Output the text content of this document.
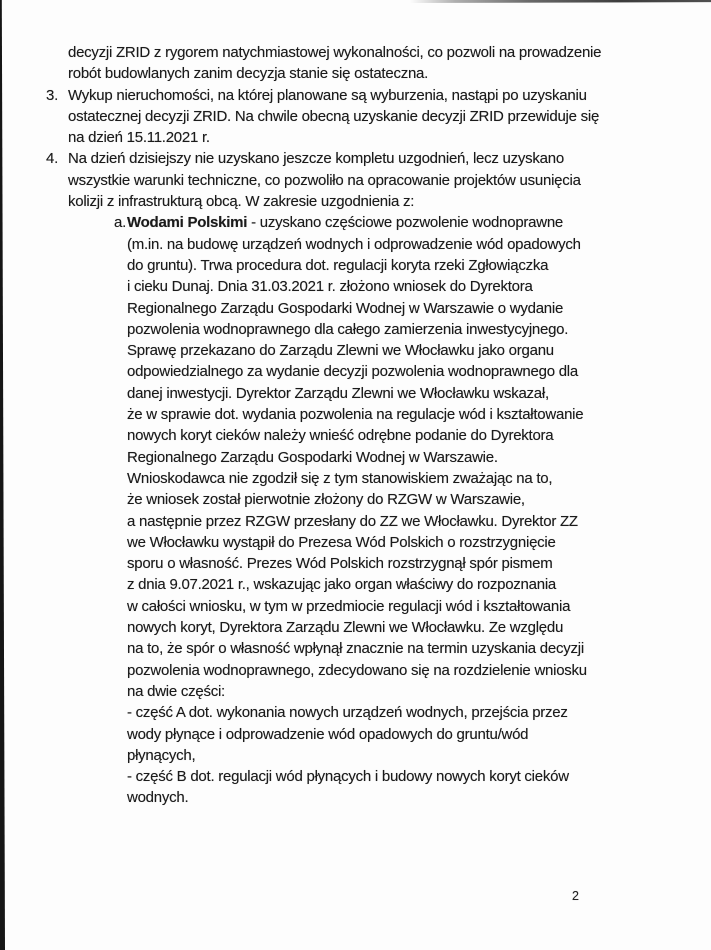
decyzji ZRID z rygorem natychmiastowej wykonalności, co pozwoli na prowadzenie
robót budowlanych zanim decyzja stanie się ostateczna.
3. Wykup nieruchomości, na której planowane są wyburzenia, nastąpi po uzyskaniu
ostatecznej decyzji ZRID. Na chwile obecną uzyskanie decyzji ZRID przewiduje się
na dzień 15.11.2021 r.
4. Na dzień dzisiejszy nie uzyskano jeszcze kompletu uzgodnień, lecz uzyskano
wszystkie warunki techniczne, co pozwoliło na opracowanie projektów usunięcia
kolizji z infrastrukturą obcą. W zakresie uzgodnienia z:
a. Wodami Polskimi - uzyskano częściowe pozwolenie wodnoprawne
(m.in. na budowę urządzeń wodnych i odprowadzenie wód opadowych
do gruntu). Trwa procedura dot. regulacji koryta rzeki Zgłowiączka
i cieku Dunaj. Dnia 31.03.2021 r. złożono wniosek do Dyrektora
Regionalnego Zarządu Gospodarki Wodnej w Warszawie o wydanie
pozwolenia wodnoprawnego dla całego zamierzenia inwestycyjnego.
Sprawę przekazano do Zarządu Zlewni we Włocławku jako organu
odpowiedzialnego za wydanie decyzji pozwolenia wodnoprawnego dla
danej inwestycji. Dyrektor Zarządu Zlewni we Włocławku wskazał,
że w sprawie dot. wydania pozwolenia na regulacje wód i kształtowanie
nowych koryt cieków należy wnieść odrębne podanie do Dyrektora
Regionalnego Zarządu Gospodarki Wodnej w Warszawie.
Wnioskodawca nie zgodził się z tym stanowiskiem zważając na to,
że wniosek został pierwotnie złożony do RZGW w Warszawie,
a następnie przez RZGW przesłany do ZZ we Włocławku. Dyrektor ZZ
we Włocławku wystąpił do Prezesa Wód Polskich o rozstrzygnięcie
sporu o własność. Prezes Wód Polskich rozstrzygnął spór pismem
z dnia 9.07.2021 r., wskazując jako organ właściwy do rozpoznania
w całości wniosku, w tym w przedmiocie regulacji wód i kształtowania
nowych koryt, Dyrektora Zarządu Zlewni we Włocławku. Ze względu
na to, że spór o własność wpłynął znacznie na termin uzyskania decyzji
pozwolenia wodnoprawnego, zdecydowano się na rozdzielenie wniosku
na dwie części:
- część A dot. wykonania nowych urządzeń wodnych, przejścia przez
wody płynące i odprowadzenie wód opadowych do gruntu/wód
płynących,
- część B dot. regulacji wód płynących i budowy nowych koryt cieków
wodnych.
2
